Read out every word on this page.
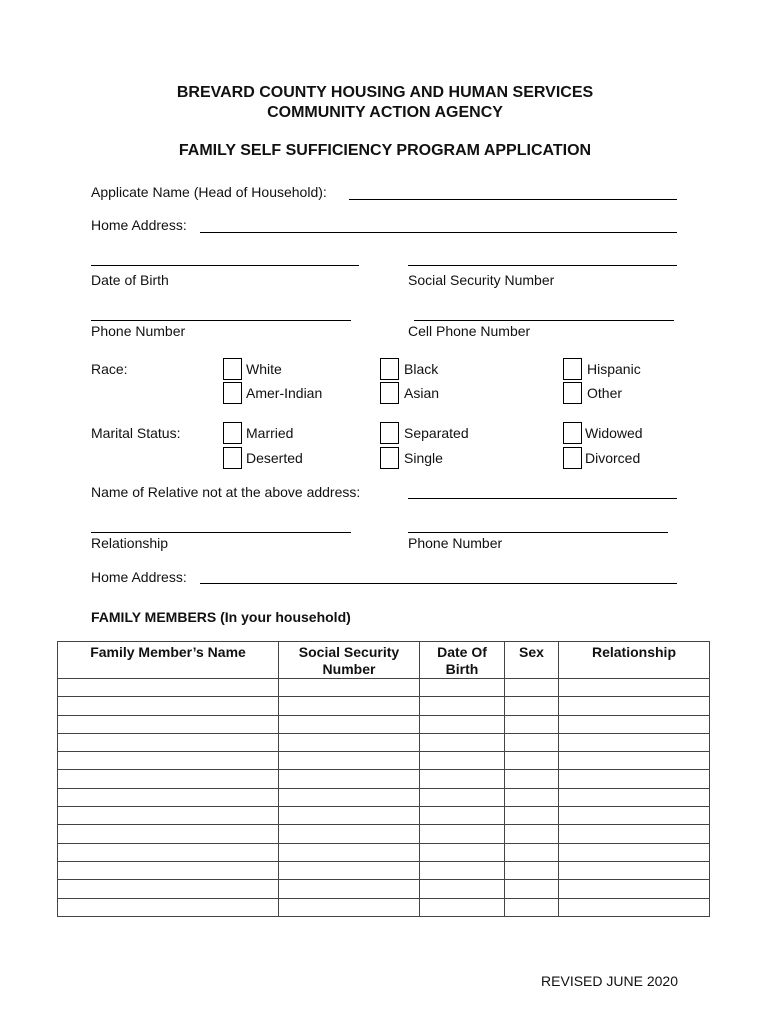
BREVARD COUNTY HOUSING AND HUMAN SERVICES
COMMUNITY ACTION AGENCY
FAMILY SELF SUFFICIENCY PROGRAM APPLICATION
Applicate Name (Head of Household):
Home Address:
Date of Birth	Social Security Number
Phone Number	Cell Phone Number
Race:	White	Black	Hispanic
Amer-Indian	Asian	Other
Marital Status:	Married	Separated	Widowed
Deserted	Single	Divorced
Name of Relative not at the above address:
Relationship	Phone Number
Home Address:
FAMILY MEMBERS (In your household)
Family Member’s Name	Social Security Number	Date Of Birth	Sex	Relationship

REVISED JUNE 2020
